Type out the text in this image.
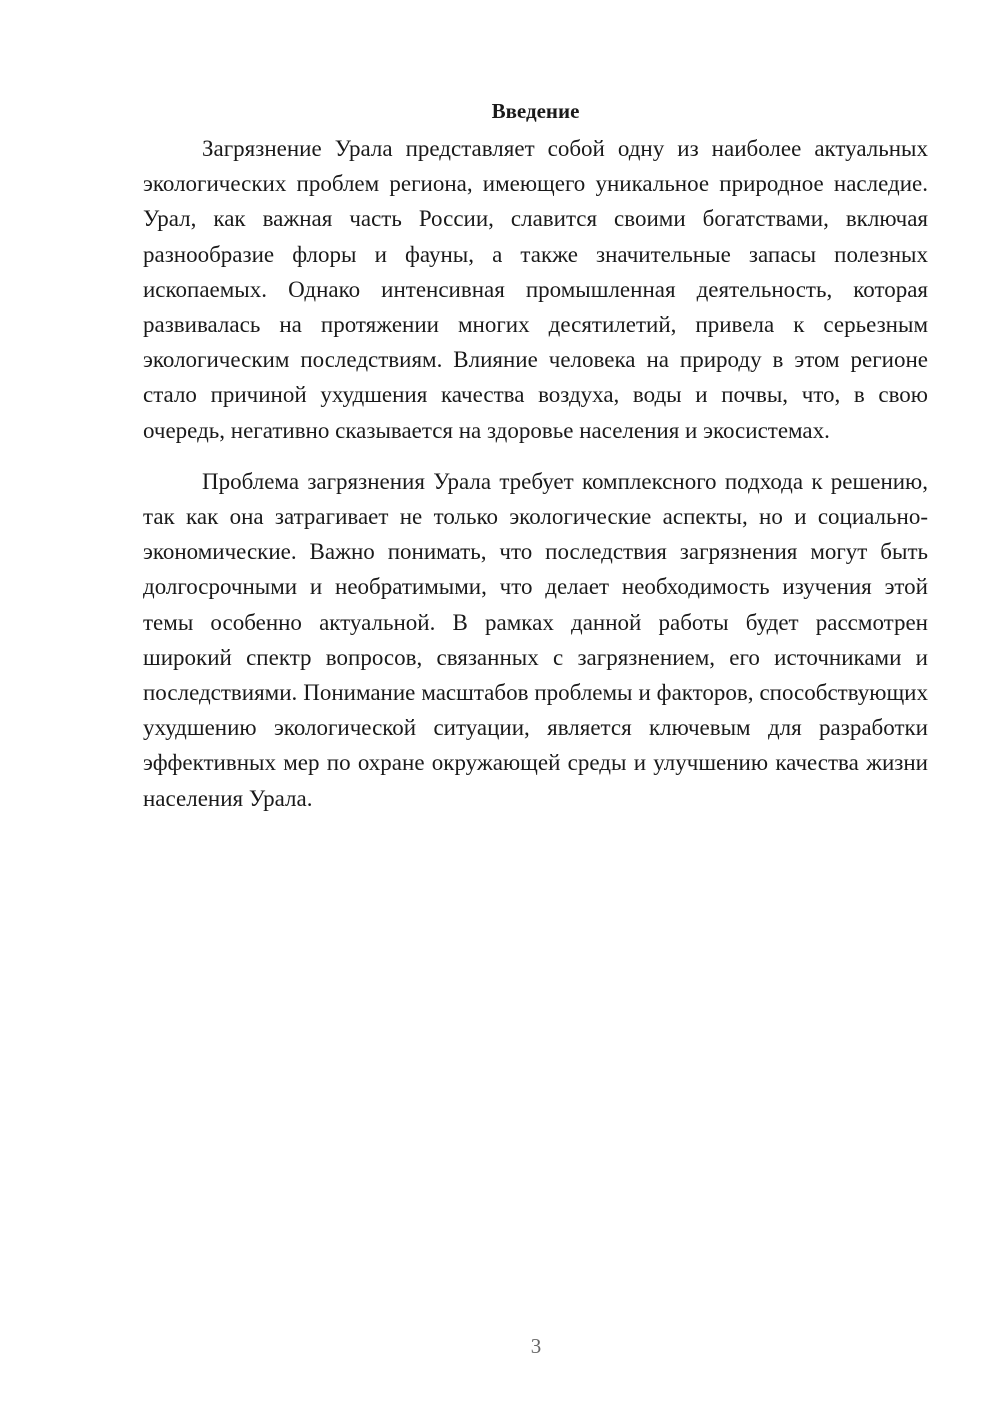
Введение

Загрязнение Урала представляет собой одну из наиболее актуальных экологических проблем региона, имеющего уникальное природное наследие. Урал, как важная часть России, славится своими богатствами, включая разнообразие флоры и фауны, а также значительные запасы полезных ископаемых. Однако интенсивная промышленная деятельность, которая развивалась на протяжении многих десятилетий, привела к серьезным экологическим последствиям. Влияние человека на природу в этом регионе стало причиной ухудшения качества воздуха, воды и почвы, что, в свою очередь, негативно сказывается на здоровье населения и экосистемах.

Проблема загрязнения Урала требует комплексного подхода к решению, так как она затрагивает не только экологические аспекты, но и социально-экономические. Важно понимать, что последствия загрязнения могут быть долгосрочными и необратимыми, что делает необходимость изучения этой темы особенно актуальной. В рамках данной работы будет рассмотрен широкий спектр вопросов, связанных с загрязнением, его источниками и последствиями. Понимание масштабов проблемы и факторов, способствующих ухудшению экологической ситуации, является ключевым для разработки эффективных мер по охране окружающей среды и улучшению качества жизни населения Урала.

3
